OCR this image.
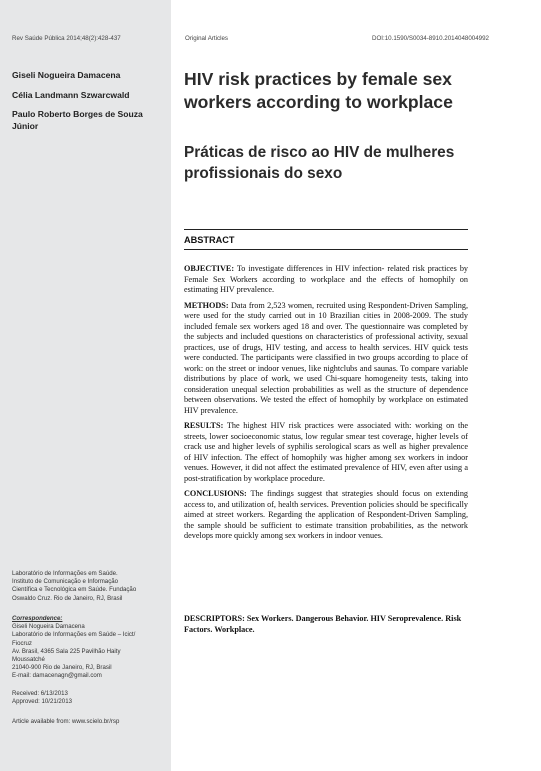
Rev Saúde Pública 2014;48(2):428-437	Original Articles	DOI:10.1590/S0034-8910.2014048004992
Giseli Nogueira Damacena
Célia Landmann Szwarcwald
Paulo Roberto Borges de Souza Júnior
Laboratório de Informações em Saúde.
Instituto de Comunicação e Informação
Científica e Tecnológica em Saúde. Fundação
Oswaldo Cruz. Rio de Janeiro, RJ, Brasil
Correspondence:
Giseli Nogueira Damacena
Laboratório de Informações em Saúde – Icict/
Fiocruz
Av. Brasil, 4365 Sala 225 Pavilhão Haity
Moussatché
21040-900 Rio de Janeiro, RJ, Brasil
E-mail: damacenagn@gmail.com
Received: 6/13/2013
Approved: 10/21/2013
Article available from: www.scielo.br/rsp
HIV risk practices by female sex workers according to workplace
Práticas de risco ao HIV de mulheres profissionais do sexo
ABSTRACT

OBJECTIVE: To investigate differences in HIV infection- related risk practices by Female Sex Workers according to workplace and the effects of homophily on estimating HIV prevalence.

METHODS: Data from 2,523 women, recruited using Respondent-Driven Sampling, were used for the study carried out in 10 Brazilian cities in 2008-2009. The study included female sex workers aged 18 and over. The questionnaire was completed by the subjects and included questions on characteristics of professional activity, sexual practices, use of drugs, HIV testing, and access to health services. HIV quick tests were conducted. The participants were classified in two groups according to place of work: on the street or indoor venues, like nightclubs and saunas. To compare variable distributions by place of work, we used Chi-square homogeneity tests, taking into consideration unequal selection probabilities as well as the structure of dependence between observations. We tested the effect of homophily by workplace on estimated HIV prevalence.

RESULTS: The highest HIV risk practices were associated with: working on the streets, lower socioeconomic status, low regular smear test coverage, higher levels of crack use and higher levels of syphilis serological scars as well as higher prevalence of HIV infection. The effect of homophily was higher among sex workers in indoor venues. However, it did not affect the estimated prevalence of HIV, even after using a post-stratification by workplace procedure.

CONCLUSIONS: The findings suggest that strategies should focus on extending access to, and utilization of, health services. Prevention policies should be specifically aimed at street workers. Regarding the application of Respondent-Driven Sampling, the sample should be sufficient to estimate transition probabilities, as the network develops more quickly among sex workers in indoor venues.

DESCRIPTORS: Sex Workers. Dangerous Behavior. HIV Seroprevalence. Risk Factors. Workplace.
